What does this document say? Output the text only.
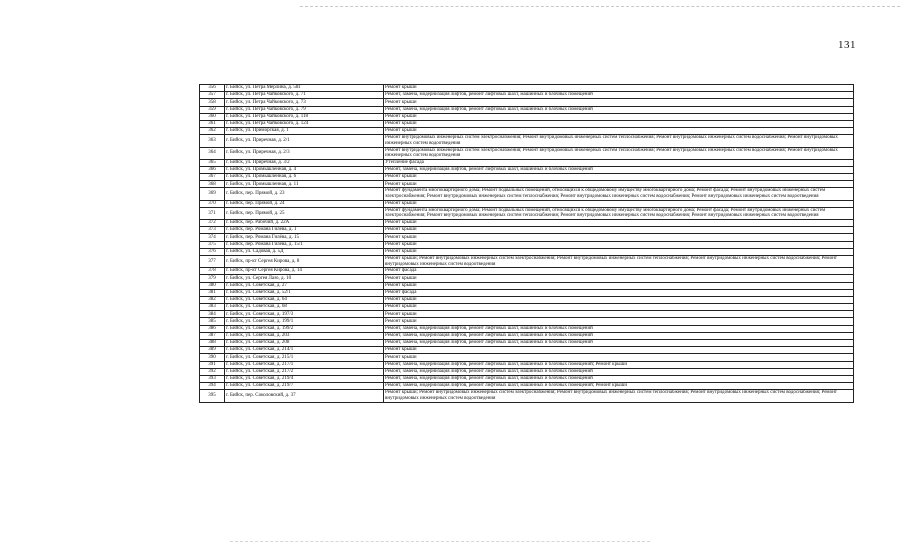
131
356	г. Бийск, ул. Петра Мерлина, д. 58Г	Ремонт крыши
357	г. Бийск, ул. Петра Чайковского, д. 71	Ремонт, замена, модернизация лифтов, ремонт лифтовых шахт, машинных и блочных помещений
358	г. Бийск, ул. Петра Чайковского, д. 73	Ремонт крыши
359	г. Бийск, ул. Петра Чайковского, д. 79	Ремонт, замена, модернизация лифтов, ремонт лифтовых шахт, машинных и блочных помещений
360	г. Бийск, ул. Петра Чайковского, д. 118	Ремонт крыши
361	г. Бийск, ул. Петра Чайковского, д. 124	Ремонт крыши
362	г. Бийск, ул. Приморская, д. 1	Ремонт крыши
363	г. Бийск, ул. Приречная, д. 2/1	Ремонт внутридомовых инженерных систем электроснабжения; Ремонт внутридомовых инженерных систем теплоснабжения; Ремонт внутридомовых инженерных систем водоснабжения; Ремонт внутридомовых инженерных систем водоотведения
364	г. Бийск, ул. Приречная, д. 2/3	Ремонт внутридомовых инженерных систем электроснабжения; Ремонт внутридомовых инженерных систем теплоснабжения; Ремонт внутридомовых инженерных систем водоснабжения; Ремонт внутридомовых инженерных систем водоотведения
365	г. Бийск, ул. Приречная, д. 3/2	Утепление фасада
366	г. Бийск, ул. Промышленная, д. 4	Ремонт, замена, модернизация лифтов, ремонт лифтовых шахт, машинных и блочных помещений
367	г. Бийск, ул. Промышленная, д. 6	Ремонт крыши
368	г. Бийск, ул. Промышленная, д. 11	Ремонт крыши
369	г. Бийск, пер. Прямой, д. 23	Ремонт фундамента многоквартирного дома; Ремонт подвальных помещений, относящихся к общедомовому имуществу многоквартирного дома; Ремонт фасада; Ремонт внутридомовых инженерных систем электроснабжения; Ремонт внутридомовых инженерных систем теплоснабжения; Ремонт внутридомовых инженерных систем водоснабжения; Ремонт внутридомовых инженерных систем водоотведения
370	г. Бийск, пер. Прямой, д. 24	Ремонт крыши
371	г. Бийск, пер. Прямой, д. 25	Ремонт фундамента многоквартирного дома; Ремонт подвальных помещений, относящихся к общедомовому имуществу многоквартирного дома; Ремонт фасада; Ремонт внутридомовых инженерных систем электроснабжения; Ремонт внутридомовых инженерных систем теплоснабжения; Ремонт внутридомовых инженерных систем водоснабжения; Ремонт внутридомовых инженерных систем водоотведения
372	г. Бийск, пер. Рабочий, д. 22А	Ремонт крыши
373	г. Бийск, пер. Романа Гилёва, д. 1	Ремонт крыши
374	г. Бийск, пер. Романа Гилёва, д. 15	Ремонт крыши
375	г. Бийск, пер. Романа Гилёва, д. 15/1	Ремонт крыши
376	г. Бийск, ул. Садовая, д. 5Д	Ремонт крыши
377	г. Бийск, пр-кт Сергея Кирова, д. 8	Ремонт крыши; Ремонт внутридомовых инженерных систем электроснабжения; Ремонт внутридомовых инженерных систем теплоснабжения; Ремонт внутридомовых инженерных систем водоснабжения; Ремонт внутридомовых инженерных систем водоотведения
378	г. Бийск, пр-кт Сергея Кирова, д. 14	Ремонт фасада
379	г. Бийск, ул. Сергея Лазо, д. 10	Ремонт крыши
380	г. Бийск, ул. Советская, д. 27	Ремонт крыши
381	г. Бийск, ул. Советская, д. 52/1	Ремонт фасада
382	г. Бийск, ул. Советская, д. 64	Ремонт крыши
383	г. Бийск, ул. Советская, д. 68	Ремонт крыши
384	г. Бийск, ул. Советская, д. 197/3	Ремонт крыши
385	г. Бийск, ул. Советская, д. 199/1	Ремонт крыши
386	г. Бийск, ул. Советская, д. 199/2	Ремонт, замена, модернизация лифтов, ремонт лифтовых шахт, машинных и блочных помещений
387	г. Бийск, ул. Советская, д. 203	Ремонт, замена, модернизация лифтов, ремонт лифтовых шахт, машинных и блочных помещений
388	г. Бийск, ул. Советская, д. 208	Ремонт, замена, модернизация лифтов, ремонт лифтовых шахт, машинных и блочных помещений
389	г. Бийск, ул. Советская, д. 214/1	Ремонт крыши
390	г. Бийск, ул. Советская, д. 215/1	Ремонт крыши
391	г. Бийск, ул. Советская, д. 217/1	Ремонт, замена, модернизация лифтов, ремонт лифтовых шахт, машинных и блочных помещений; Ремонт крыши
392	г. Бийск, ул. Советская, д. 217/2	Ремонт, замена, модернизация лифтов, ремонт лифтовых шахт, машинных и блочных помещений
393	г. Бийск, ул. Советская, д. 219/4	Ремонт, замена, модернизация лифтов, ремонт лифтовых шахт, машинных и блочных помещений
394	г. Бийск, ул. Советская, д. 219/7	Ремонт, замена, модернизация лифтов, ремонт лифтовых шахт, машинных и блочных помещений; Ремонт крыши
395	г. Бийск, пер. Соколовский, д. 37	Ремонт крыши; Ремонт внутридомовых инженерных систем электроснабжения; Ремонт внутридомовых инженерных систем теплоснабжения; Ремонт внутридомовых инженерных систем водоснабжения; Ремонт внутридомовых инженерных систем водоотведения
